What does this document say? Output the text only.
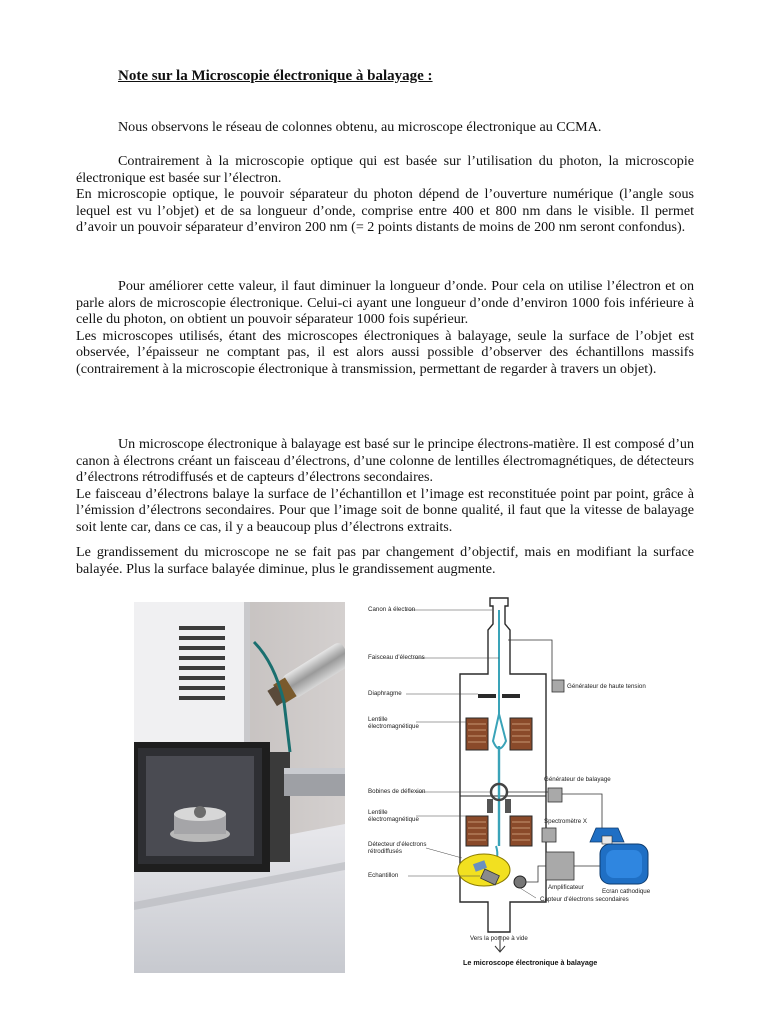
Note sur la Microscopie électronique à balayage :

Nous observons le réseau de colonnes obtenu, au microscope électronique au CCMA.

Contrairement à la microscopie optique qui est basée sur l’utilisation du photon, la microscopie électronique est basée sur l’électron.

En microscopie optique, le pouvoir séparateur du photon dépend de l’ouverture numérique (l’angle sous lequel est vu l’objet) et de sa longueur d’onde, comprise entre 400 et 800 nm dans le visible. Il permet d’avoir un pouvoir séparateur d’environ 200 nm (= 2 points distants de moins de 200 nm seront confondus).

Pour améliorer cette valeur, il faut diminuer la longueur d’onde. Pour cela on utilise l’électron et on parle alors de microscopie électronique. Celui-ci ayant une longueur d’onde d’environ 1000 fois inférieure à celle du photon, on obtient un pouvoir séparateur 1000 fois supérieur.

Les microscopes utilisés, étant des microscopes électroniques à balayage, seule la surface de l’objet est observée, l’épaisseur ne comptant pas, il est alors aussi possible d’observer des échantillons massifs (contrairement à la microscopie électronique à transmission, permettant de regarder à travers un objet).

Un microscope électronique à balayage est basé sur le principe électrons-matière. Il est composé d’un canon à électrons créant un faisceau d’électrons, d’une colonne de lentilles électromagnétiques, de détecteurs d’électrons rétrodiffusés et de capteurs d’électrons secondaires.

Le faisceau d’électrons balaye la surface de l’échantillon et l’image est reconstituée point par point, grâce à l’émission d’électrons secondaires. Pour que l’image soit de bonne qualité, il faut que la vitesse de balayage soit lente car, dans ce cas, il y a beaucoup plus d’électrons extraits.

Le grandissement du microscope ne se fait pas par changement d’objectif, mais en modifiant la surface balayée. Plus la surface balayée diminue, plus le grandissement augmente.

Canon à électron
Faisceau d’électrons
Générateur de haute tension
Diaphragme
Lentille
électromagnétique
Générateur de balayage
Bobines de déflexion
Lentille
électromagnétique	Spectromètre X
Détecteur d’électrons
rétrodiffusés
Echantillon
Amplificateur
Ecran cathodique
Capteur d’électrons secondaires
Vers la pompe à vide
Le microscope électronique à balayage
